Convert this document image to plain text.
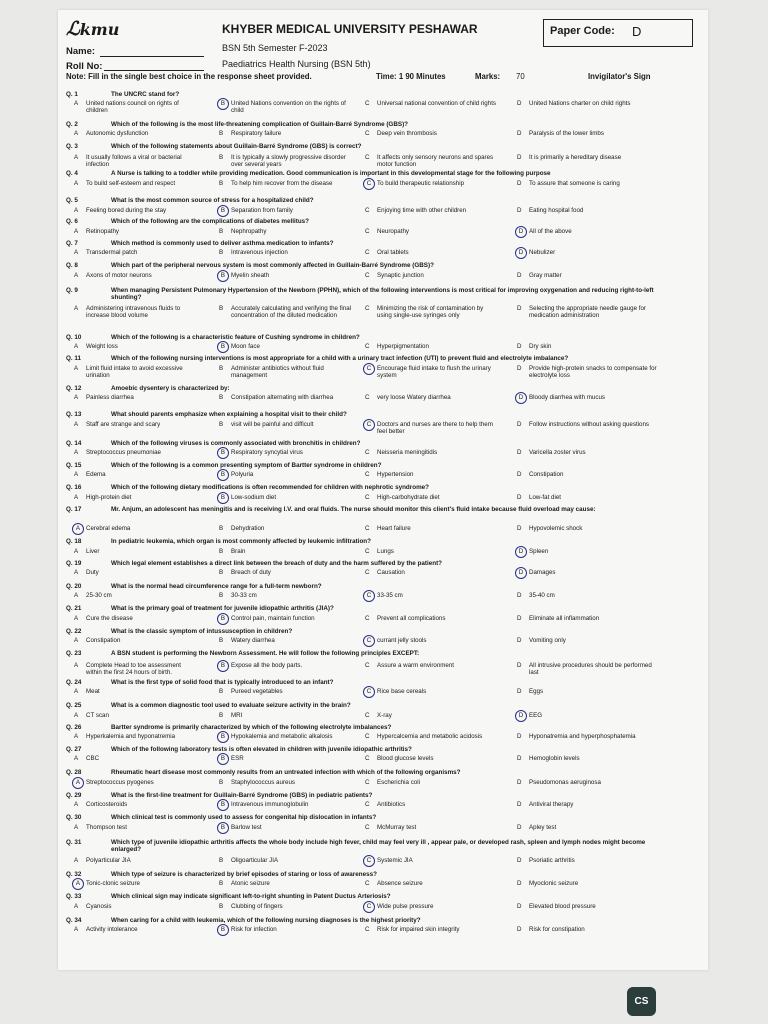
ℒkmu	KHYBER MEDICAL UNIVERSITY PESHAWAR
BSN 5th Semester F-2023
Paediatrics Health Nursing (BSN 5th)
Name:
Roll No:
Paper Code: D
Note: Fill in the single best choice in the response sheet provided.	Time: 1 90 Minutes	Marks: 70	Invigilator's Sign
Q. 1	The UNCRC stand for?
A United nations council on rights of children
B United Nations convention on the rights of child
C Universal national convention of child rights	D United Nations charter on child rights
Q. 2	Which of the following is the most life-threatening complication of Guillain-Barré Syndrome (GBS)?
A Autonomic dysfunction	B Respiratory failure	C Deep vein thrombosis	D Paralysis of the lower limbs
Q. 3	Which of the following statements about Guillain-Barré Syndrome (GBS) is correct?
A It usually follows a viral or bacterial infection
B It is typically a slowly progressive disorder over several years
C It affects only sensory neurons and spares motor function
D It is primarily a hereditary disease
Q. 4	A Nurse is talking to a toddler while providing medication. Good communication is important in this developmental stage for the following purpose
A To build self-esteem and respect	B To help him recover from the disease	C To build therapeutic relationship	D To assure that someone is caring
Q. 5	What is the most common source of stress for a hospitalized child?
A Feeling bored during the stay	B Separation from family	C Enjoying time with other children	D Eating hospital food
Q. 6	Which of the following are the complications of diabetes mellitus?
A Retinopathy	B Nephropathy	C Neuropathy	D All of the above
Q. 7	Which method is commonly used to deliver asthma medication to infants?
A Transdermal patch	B Intravenous injection	C Oral tablets	D Nebulizer
Q. 8	Which part of the peripheral nervous system is most commonly affected in Guillain-Barré Syndrome (GBS)?
A Axons of motor neurons	B Myelin sheath	C Synaptic junction	D Gray matter
Q. 9	When managing Persistent Pulmonary Hypertension of the Newborn (PPHN), which of the following interventions is most critical for improving oxygenation and reducing right-to-left shunting?
A Administering intravenous fluids to increase blood volume
B Accurately calculating and verifying the final concentration of the diluted medication
C Minimizing the risk of contamination by using single-use syringes only
D Selecting the appropriate needle gauge for medication administration
Q. 10	Which of the following is a characteristic feature of Cushing syndrome in children?
A Weight loss	B Moon face	C Hyperpigmentation	D Dry skin
Q. 11	Which of the following nursing interventions is most appropriate for a child with a urinary tract infection (UTI) to prevent fluid and electrolyte imbalance?
A Limit fluid intake to avoid excessive urination
B Administer antibiotics without fluid management
C Encourage fluid intake to flush the urinary system
D Provide high-protein snacks to compensate for electrolyte loss
Q. 12	Amoebic dysentery is characterized by:
A Painless diarrhea	B Constipation alternating with diarrhea	C very loose Watery diarrhea	D Bloody diarrhea with mucus
Q. 13	What should parents emphasize when explaining a hospital visit to their child?
A Staff are strange and scary	B visit will be painful and difficult	C Doctors and nurses are there to help them feel better
D Follow instructions without asking questions
Q. 14	Which of the following viruses is commonly associated with bronchitis in children?
A Streptococcus pneumoniae	B Respiratory syncytial virus	C Neisseria meningitidis	D Varicella zoster virus
Q. 15	Which of the following is a common presenting symptom of Bartter syndrome in children?
A Edema	B Polyuria	C Hypertension	D Constipation
Q. 16	Which of the following dietary modifications is often recommended for children with nephrotic syndrome?
A High-protein diet	B Low-sodium diet	C High-carbohydrate diet	D Low-fat diet
Q. 17	Mr. Anjum, an adolescent has meningitis and is receiving I.V. and oral fluids. The nurse should monitor this client's fluid intake because fluid overload may cause:
A Cerebral edema	B Dehydration	C Heart failure	D Hypovolemic shock
Q. 18	In pediatric leukemia, which organ is most commonly affected by leukemic infiltration?
A Liver	B Brain	C Lungs	D Spleen
Q. 19	Which legal element establishes a direct link between the breach of duty and the harm suffered by the patient?
A Duty	B Breach of duty	C Causation	D Damages
Q. 20	What is the normal head circumference range for a full-term newborn?
A 25-30 cm	B 30-33 cm	C 33-35 cm	D 35-40 cm
Q. 21	What is the primary goal of treatment for juvenile idiopathic arthritis (JIA)?
A Cure the disease	B Control pain, maintain function	C Prevent all complications	D Eliminate all inflammation
Q. 22	What is the classic symptom of intussusception in children?
A Constipation	B Watery diarrhea	C currant jelly stools	D Vomiting only
Q. 23	A BSN student is performing the Newborn Assessment. He will follow the following principles EXCEPT:
A Complete Head to toe assessment within the first 24 hours of birth.
B Expose all the body parts.	C Assure a warm environment	D All intrusive procedures should be performed last
Q. 24	What is the first type of solid food that is typically introduced to an infant?
A Meat	B Pureed vegetables	C Rice base cereals	D Eggs
Q. 25	What is a common diagnostic tool used to evaluate seizure activity in the brain?
A CT scan	B MRI	C X-ray	D EEG
Q. 26	Bartter syndrome is primarily characterized by which of the following electrolyte imbalances?
A Hyperkalemia and hyponatremia	B Hypokalemia and metabolic alkalosis	C Hypercalcemia and metabolic acidosis	D Hyponatremia and hyperphosphatemia
Q. 27	Which of the following laboratory tests is often elevated in children with juvenile idiopathic arthritis?
A CBC	B ESR	C Blood glucose levels	D Hemoglobin levels
Q. 28	Rheumatic heart disease most commonly results from an untreated infection with which of the following organisms?
A Streptococcus pyogenes	B Staphylococcus aureus	C Escherichia coli	D Pseudomonas aeruginosa
Q. 29	What is the first-line treatment for Guillain-Barré Syndrome (GBS) in pediatric patients?
A Corticosteroids	B Intravenous immunoglobulin	C Antibiotics	D Antiviral therapy
Q. 30	Which clinical test is commonly used to assess for congenital hip dislocation in infants?
A Thompson test	B Barlow test	C McMurray test	D Apley test
Q. 31	Which type of juvenile idiopathic arthritis affects the whole body include high fever, child may feel very ill , appear pale, or developed rash, spleen and lymph nodes might become enlarged?
A Polyarticular JIA	B Oligoarticular JIA	C Systemic JIA	D Psoriatic arthritis
Q. 32	Which type of seizure is characterized by brief episodes of staring or loss of awareness?
A Tonic-clonic seizure	B Atonic seizure	C Absence seizure	D Myoclonic seizure
Q. 33	Which clinical sign may indicate significant left-to-right shunting in Patent Ductus Arteriosis?
A Cyanosis	B Clubbing of fingers	C Wide pulse pressure	D Elevated blood pressure
Q. 34	When caring for a child with leukemia, which of the following nursing diagnoses is the highest priority?
A Activity intolerance	B Risk for infection	C Risk for impaired skin integrity	D Risk for constipation
CS
